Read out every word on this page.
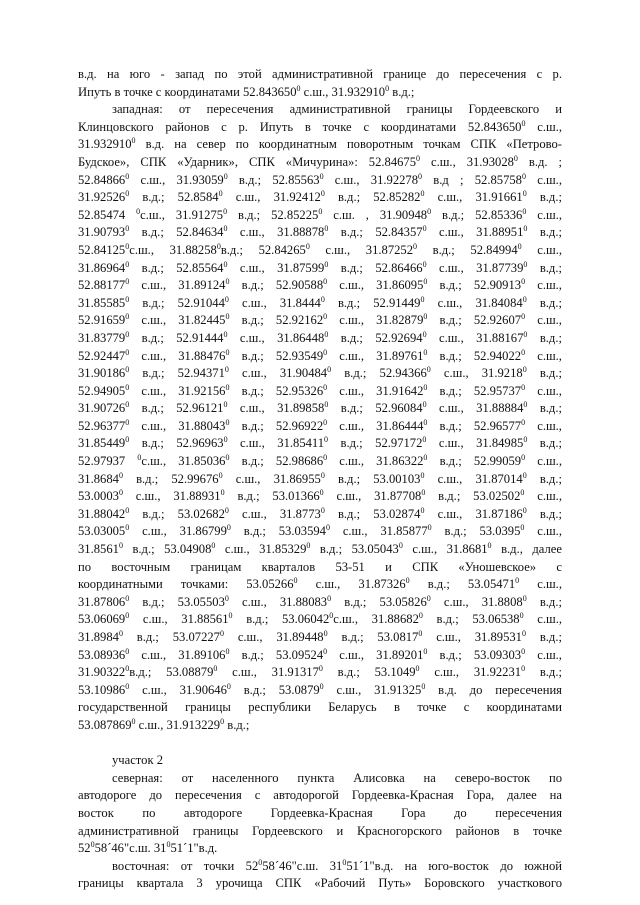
в.д. на юго - запад по этой административной границе до пересечения с р.

Ипуть в точке с координатами 52.843650$^0$ с.ш., 31.932910$^0$ в.д.;

западная: от пересечения административной границы Гордеевского и

Клинцовского районов с р. Ипуть в точке с координатами 52.843650$^0$ с.ш.,

31.932910$^0$ в.д. на север по координатным поворотным точкам СПК «Петрово-

Будское», СПК «Ударник», СПК «Мичурина»: 52.84675$^0$ с.ш., 31.93028$^0$ в.д. ;

52.84866$^0$ с.ш., 31.93059$^0$ в.д.; 52.85563$^0$ с.ш., 31.92278$^0$ в.д ; 52.85758$^0$ с.ш.,

31.92526$^0$ в.д.; 52.8584$^0$ с.ш., 31.92412$^0$ в.д.; 52.85282$^0$ с.ш., 31.91661$^0$ в.д.;

52.85474 $^0$с.ш., 31.91275$^0$ в.д.; 52.85225$^0$ с.ш. , 31.90948$^0$ в.д.; 52.85336$^0$ с.ш.,

31.90793$^0$ в.д.; 52.84634$^0$ с.ш., 31.88878$^0$ в.д.; 52.84357$^0$ с.ш., 31.88951$^0$ в.д.;

52.84125$^0$с.ш., 31.88258$^0$в.д.; 52.84265$^0$ с.ш., 31.87252$^0$ в.д.; 52.84994$^0$ с.ш.,

31.86964$^0$ в.д.; 52.85564$^0$ с.ш., 31.87599$^0$ в.д.; 52.86466$^0$ с.ш., 31.87739$^0$ в.д.;

52.88177$^0$ с.ш., 31.89124$^0$ в.д.; 52.90588$^0$ с.ш., 31.86095$^0$ в.д.; 52.90913$^0$ с.ш.,

31.85585$^0$ в.д.; 52.91044$^0$ с.ш., 31.8444$^0$ в.д.; 52.91449$^0$ с.ш., 31.84084$^0$ в.д.;

52.91659$^0$ с.ш., 31.82445$^0$ в.д.; 52.92162$^0$ с.ш., 31.82879$^0$ в.д.; 52.92607$^0$ с.ш.,

31.83779$^0$ в.д.; 52.91444$^0$ с.ш., 31.86448$^0$ в.д.; 52.92694$^0$ с.ш., 31.88167$^0$ в.д.;

52.92447$^0$ с.ш., 31.88476$^0$ в.д.; 52.93549$^0$ с.ш., 31.89761$^0$ в.д.; 52.94022$^0$ с.ш.,

31.90186$^0$ в.д.; 52.94371$^0$ с.ш., 31.90484$^0$ в.д.; 52.94366$^0$ с.ш., 31.9218$^0$ в.д.;

52.94905$^0$ с.ш., 31.92156$^0$ в.д.; 52.95326$^0$ с.ш., 31.91642$^0$ в.д.; 52.95737$^0$ с.ш.,

31.90726$^0$ в.д.; 52.96121$^0$ с.ш., 31.89858$^0$ в.д.; 52.96084$^0$ с.ш., 31.88884$^0$ в.д.;

52.96377$^0$ с.ш., 31.88043$^0$ в.д.; 52.96922$^0$ с.ш., 31.86444$^0$ в.д.; 52.96577$^0$ с.ш.,

31.85449$^0$ в.д.; 52.96963$^0$ с.ш., 31.85411$^0$ в.д.; 52.97172$^0$ с.ш., 31.84985$^0$ в.д.;

52.97937 $^0$с.ш., 31.85036$^0$ в.д.; 52.98686$^0$ с.ш., 31.86322$^0$ в.д.; 52.99059$^0$ с.ш.,

31.8684$^0$ в.д.; 52.99676$^0$ с.ш., 31.86955$^0$ в.д.; 53.00103$^0$ с.ш., 31.87014$^0$ в.д.;

53.0003$^0$ с.ш., 31.88931$^0$ в.д.; 53.01366$^0$ с.ш., 31.87708$^0$ в.д.; 53.02502$^0$ с.ш.,

31.88042$^0$ в.д.; 53.02682$^0$ с.ш., 31.8773$^0$ в.д.; 53.02874$^0$ с.ш., 31.87186$^0$ в.д.;

53.03005$^0$ с.ш., 31.86799$^0$ в.д.; 53.03594$^0$ с.ш., 31.85877$^0$ в.д.; 53.0395$^0$ с.ш.,

31.8561$^0$ в.д.; 53.04908$^0$ с.ш., 31.85329$^0$ в.д.; 53.05043$^0$ с.ш., 31.8681$^0$ в.д., далее

по восточным границам кварталов 53-51 и СПК «Уношевское» с

координатными точками: 53.05266$^0$ с.ш., 31.87326$^0$ в.д.; 53.05471$^0$ с.ш.,

31.87806$^0$ в.д.; 53.05503$^0$ с.ш., 31.88083$^0$ в.д.; 53.05826$^0$ с.ш., 31.8808$^0$ в.д.;

53.06069$^0$ с.ш., 31.88561$^0$ в.д.; 53.06042$^0$с.ш., 31.88682$^0$ в.д.; 53.06538$^0$ с.ш.,

31.8984$^0$ в.д.; 53.07227$^0$ с.ш., 31.89448$^0$ в.д.; 53.0817$^0$ с.ш., 31.89531$^0$ в.д.;

53.08936$^0$ с.ш., 31.89106$^0$ в.д.; 53.09524$^0$ с.ш., 31.89201$^0$ в.д.; 53.09303$^0$ с.ш.,

31.90322$^0$в.д.; 53.08879$^0$ с.ш., 31.91317$^0$ в.д.; 53.1049$^0$ с.ш., 31.92231$^0$ в.д.;

53.10986$^0$ с.ш., 31.90646$^0$ в.д.; 53.0879$^0$ с.ш., 31.91325$^0$ в.д. до пересечения

государственной границы республики Беларусь в точке с координатами

53.087869$^0$ с.ш., 31.913229$^0$ в.д.;

участок 2

северная: от населенного пункта Алисовка на северо-восток по

автодороге до пересечения с автодорогой Гордеевка-Красная Гора, далее на

восток по автодороге Гордеевка-Красная Гора до пересечения

административной границы Гордеевского и Красногорского районов в точке

$52^058´46"с.ш$. $31^051´1"в.д$.

восточная: от точки $52^058´46"с.ш$. $31^051´1"в.д$. на юго-восток до южной

границы квартала 3 урочища СПК «Рабочий Путь» Боровского участкового
